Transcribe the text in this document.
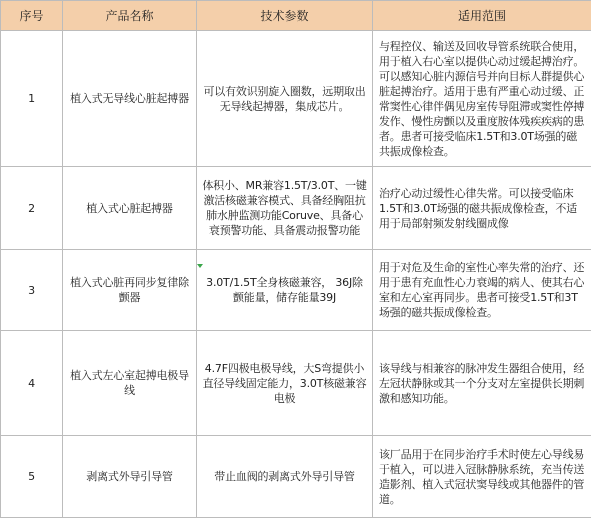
序号	产品名称	技术参数	适用范围

1	植入式无导线心脏起搏器	可以有效识别旋入圈数，远期取出无导线起搏器，集成芯片。	与程控仪、输送及回收导管系统联合使用，用于植入右心室以提供心动过缓起搏治疗。可以感知心脏内源信号并向目标人群提供心脏起搏治疗。适用于患有严重心动过缓、正常窦性心律伴偶见房室传导阻滞或窦性停搏发作、慢性房颤以及重度胺体残疾疾病的患者。患者可接受临床1.5T和3.0T场强的磁共振成像检查。

2	植入式心脏起搏器	体积小、MR兼容1.5T/3.0T、一键激活核磁兼容模式、具备经胸阻抗肺水肿监测功能Coruve、具备心衰预警功能、具备震动报警功能	治疗心动过缓性心律失常。可以接受临床1.5T和3.0T场强的磁共振成像检查，不适用于局部射频发射线圈成像

3	植入式心脏再同步复律除颤器	3.0T/1.5T全身核磁兼容， 36J除颤能量，储存能量39J	用于对危及生命的室性心率失常的治疗、还用于患有充血性心力衰竭的病人、使其右心室和左心室再同步。患者可接受1.5T和3T场强的磁共振成像检查。

4	植入式左心室起搏电极导线	4.7F四极电极导线，大S弯提供小直径导线固定能力，3.0T核磁兼容电极	该导线与相兼容的脉冲发生器组合使用，经左冠状静脉或其一个分支对左室提供长期刺激和感知功能。

5	剥离式外导引导管	带止血阀的剥离式外导引导管	该厂品用于在同步治疗手术时使左心导线易于植入，可以进入冠脉静脉系统，充当传送造影剂、植入式冠状窦导线或其他器件的管道。
